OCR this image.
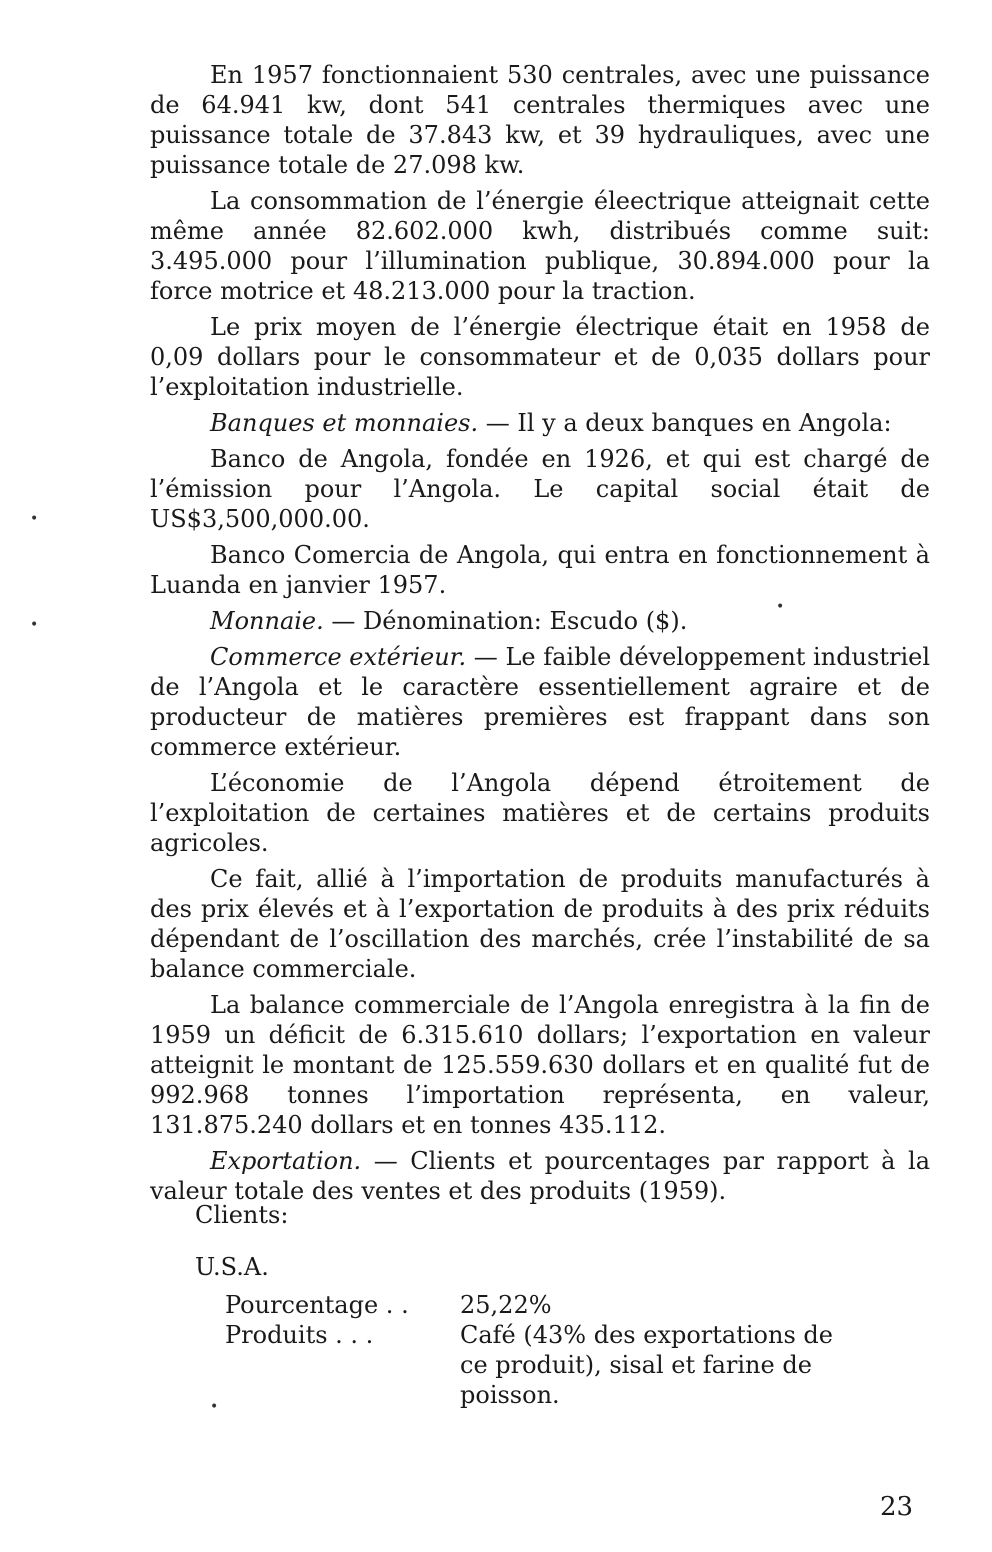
En 1957 fonctionnaient 530 centrales, avec une puissance de 64.941 kw, dont 541 centrales thermiques avec une puissance totale de 37.843 kw, et 39 hydrauliques, avec une puissance totale de 27.098 kw.

La consommation de l’énergie éleectrique atteignait cette même année 82.602.000 kwh, distribués comme suit: 3.495.000 pour l’illumination publique, 30.894.000 pour la force motrice et 48.213.000 pour la traction.

Le prix moyen de l’énergie électrique était en 1958 de 0,09 dollars pour le consommateur et de 0,035 dollars pour l’exploitation industrielle.

Banques et monnaies. — Il y a deux banques en Angola:

Banco de Angola, fondée en 1926, et qui est chargé de l’émission pour l’Angola. Le capital social était de US$3,500,000.00.

Banco Comercia de Angola, qui entra en fonctionnement à Luanda en janvier 1957.

Monnaie. — Dénomination: Escudo ($).

Commerce extérieur. — Le faible développement industriel de l’Angola et le caractère essentiellement agraire et de producteur de matières premières est frappant dans son commerce extérieur.

L’économie de l’Angola dépend étroitement de l’exploitation de certaines matières et de certains produits agricoles.

Ce fait, allié à l’importation de produits manufacturés à des prix élevés et à l’exportation de produits à des prix réduits dépendant de l’oscillation des marchés, crée l’instabilité de sa balance commerciale.

La balance commerciale de l’Angola enregistra à la fin de 1959 un déficit de 6.315.610 dollars; l’exportation en valeur atteignit le montant de 125.559.630 dollars et en qualité fut de 992.968 tonnes l’importation représenta, en valeur, 131.875.240 dollars et en tonnes 435.112.

Exportation. — Clients et pourcentages par rapport à la valeur totale des ventes et des produits (1959).

Clients:
U.S.A.
Pourcentage . .	25,22%
Produits . . .	Café (43% des exportations de ce produit), sisal et farine de poisson.
23
•
•
•
•
